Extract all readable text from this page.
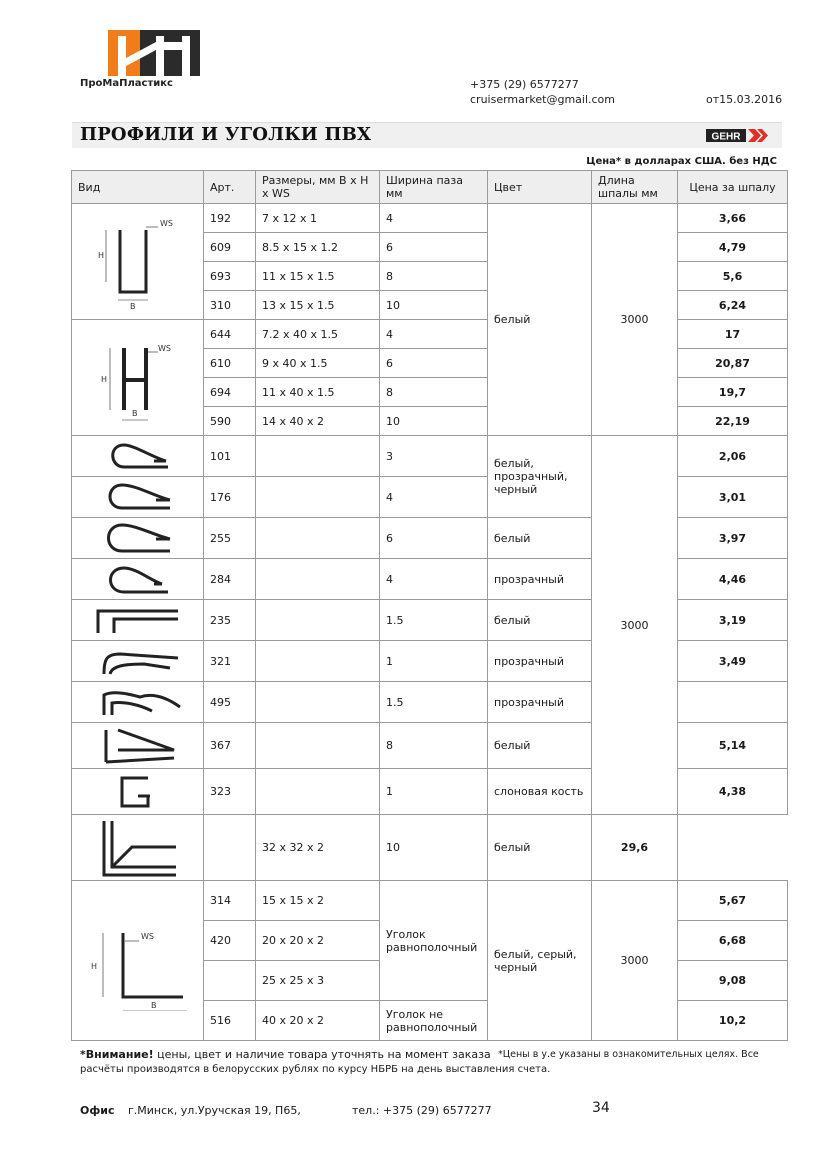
ПроМаПластикс	+375 (29) 6577277
cruisermarket@gmail.com	от15.03.2016
ПРОФИЛИ И УГОЛКИ ПВХ	GEHR
Цена* в долларах США. без НДС
Вид	Арт.	Размеры, мм B x H x WS	Ширина паза мм	Цвет	Длина шпалы мм	Цена за шпалу

H
B
WS	192	7 x 12 x 1	4	белый	3000	3,66
	609	8.5 x 15 x 1.2	6			4,79
	693	11 x 15 x 1.5	8			5,6
	310	13 x 15 x 1.5	10			6,24

H
B
WS	644	7.2 x 40 x 1.5	4			17
	610	9 x 40 x 1.5	6			20,87
	694	11 x 40 x 1.5	8			19,7
	590	14 x 40 x 2	10			22,19

	101		3	белый, прозрачный, черный	3000	2,06

	176		4			3,01

	255		6	белый		3,97

	284		4	прозрачный		4,46

	235		1.5	белый		3,19

	321		1	прозрачный		3,49

	495		1.5	прозрачный		

	367		8	белый		5,14

	323		1	слоновая кость		4,38

		32 x 32 x 2	10	белый	29,6	

H
B
WS	314	15 x 15 x 2	Уголок равнополочный	белый, серый, черный	3000	5,67
	420	20 x 20 x 2				6,68
		25 x 25 x 3				9,08
	516	40 x 20 x 2	Уголок не равнополочный			10,2
*Внимание! цены, цвет и наличие товара уточнять на момент заказа
расчёты производятся в белорусских рублях по курсу НБРБ на день выставления счета.
*Цены в у.е указаны в ознакомительных целях. Все
Офис г.Минск, ул.Уручская 19, П65,	тел.: +375 (29) 6577277	34
